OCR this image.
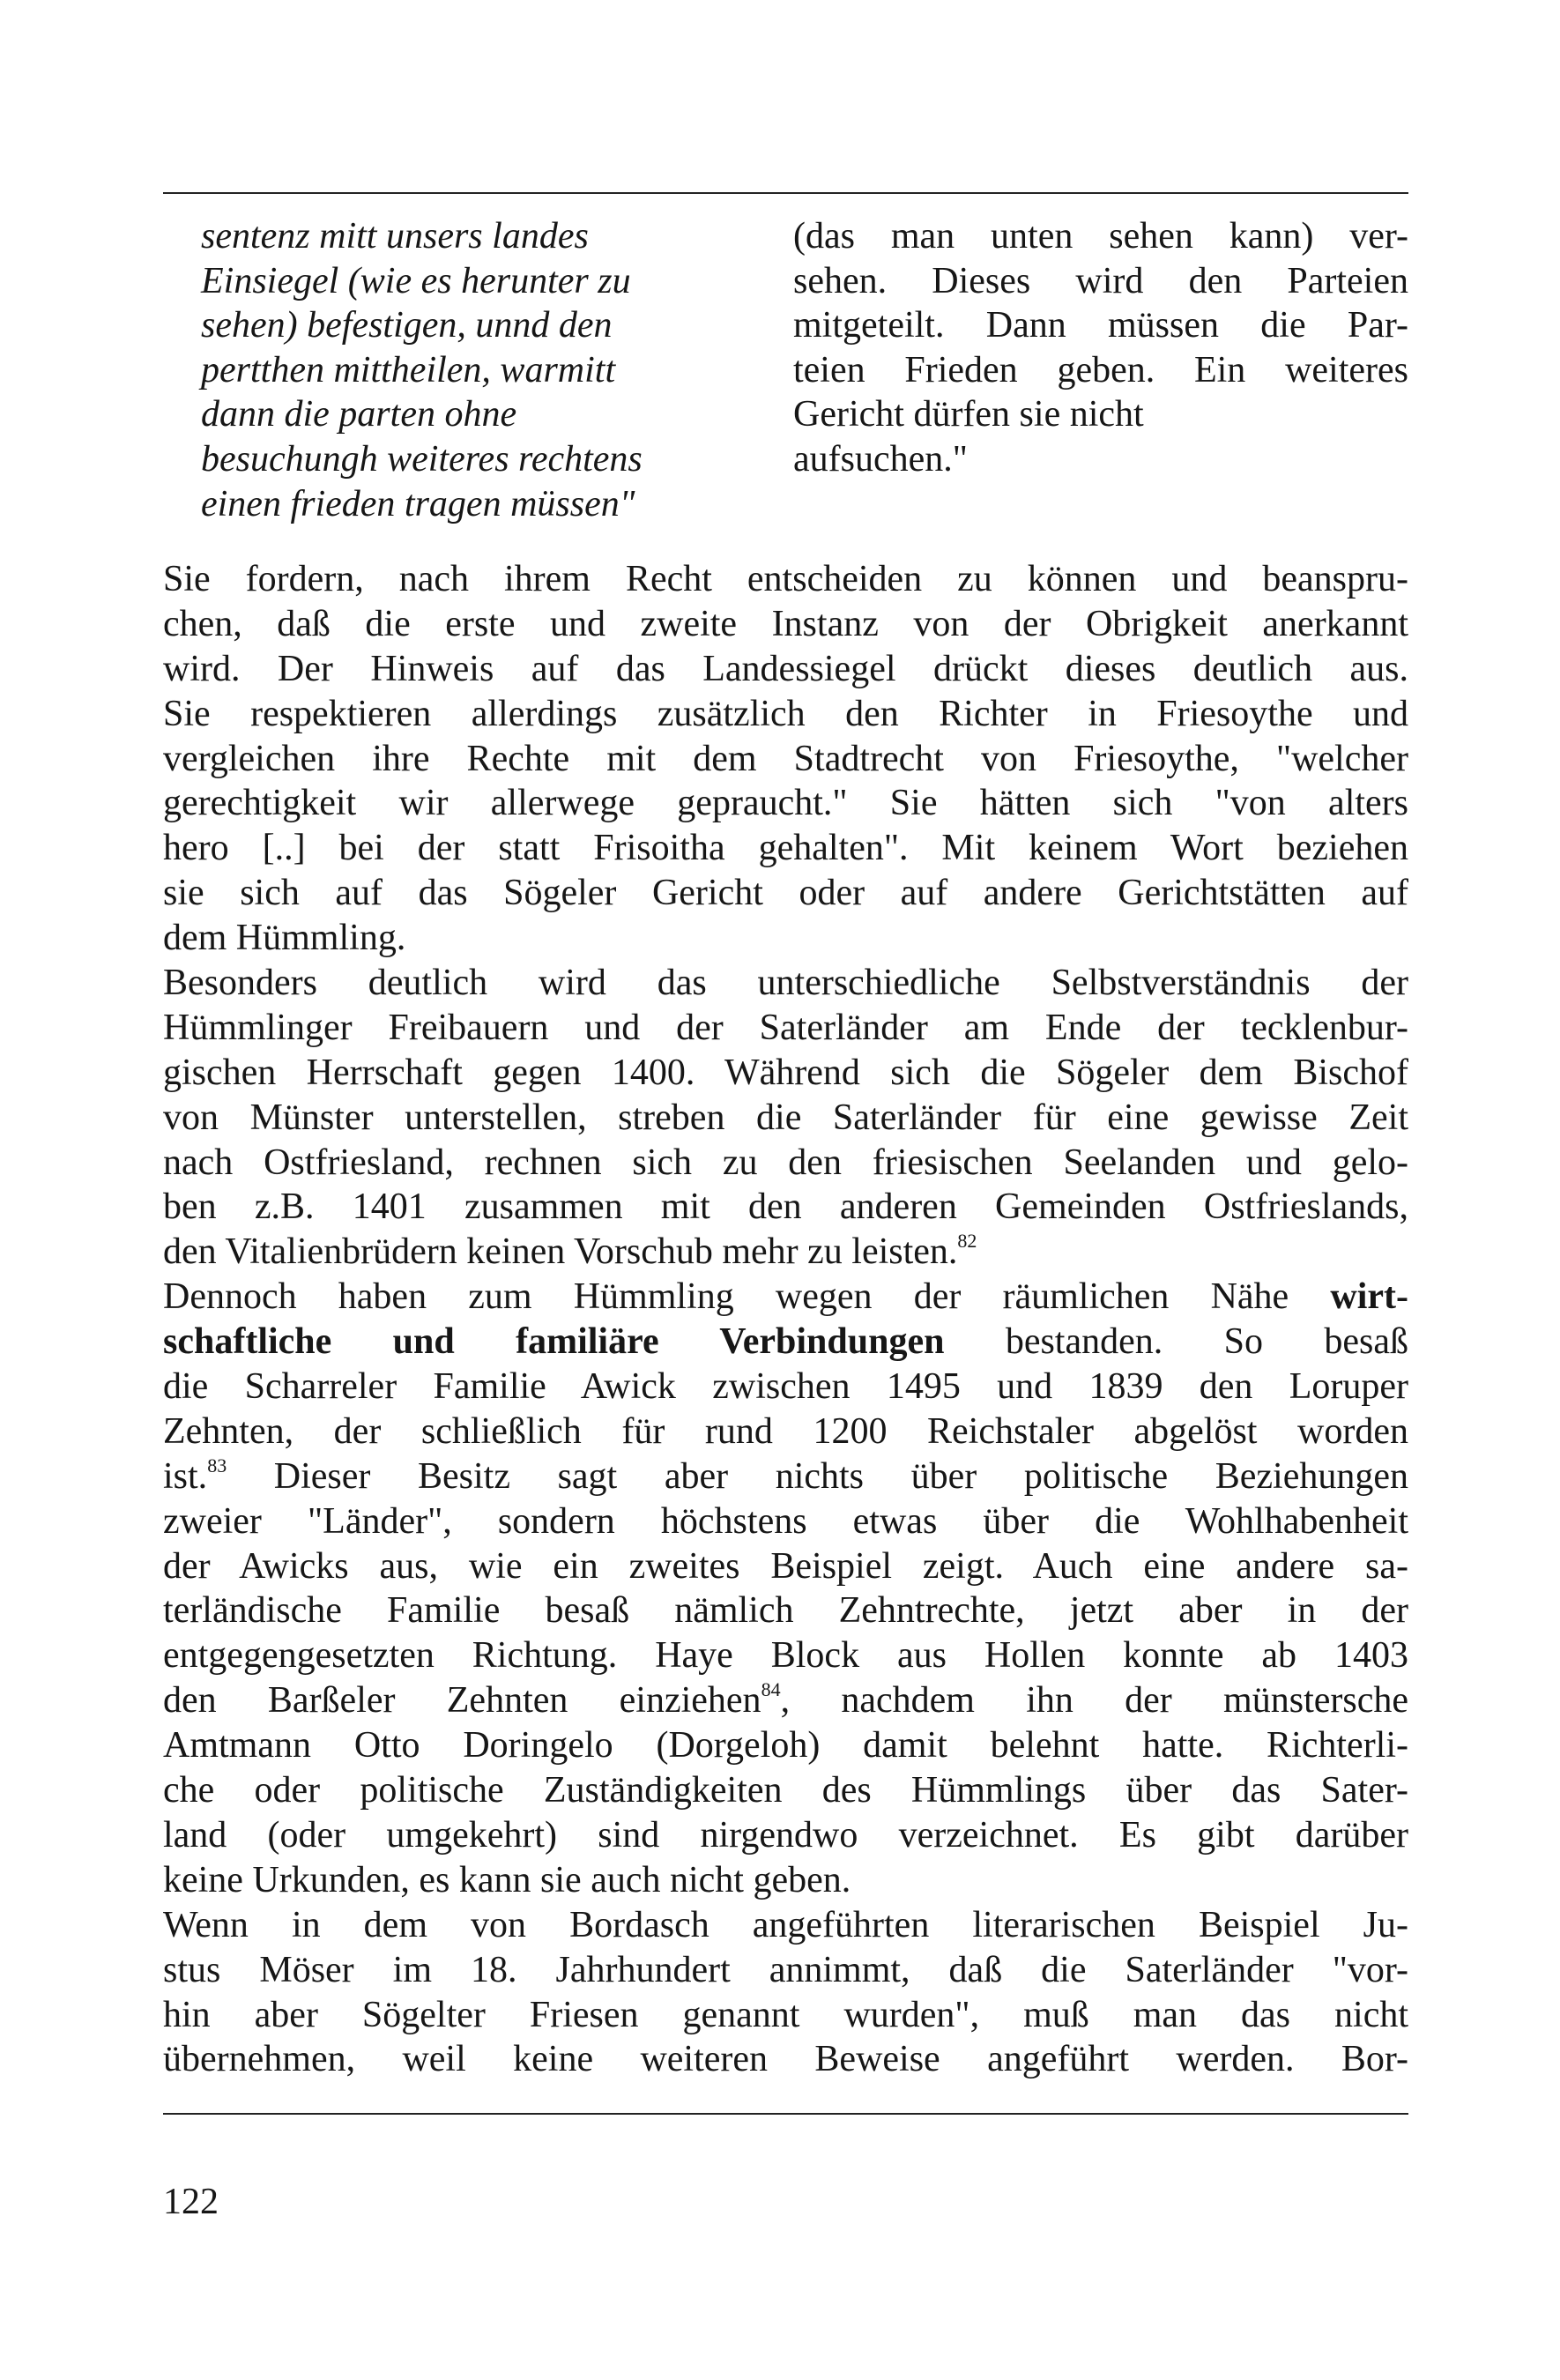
sentenz mitt unsers landes
Einsiegel (wie es herunter zu
sehen) befestigen, unnd den
pertthen mittheilen, warmitt
dann die parten ohne
besuchungh weiteres rechtens
einen frieden tragen müssen"
(das man unten sehen kann) ver-
sehen. Dieses wird den Parteien
mitgeteilt. Dann müssen die Par-
teien Frieden geben. Ein weiteres
Gericht dürfen sie nicht
aufsuchen."
Sie fordern, nach ihrem Recht entscheiden zu können und beanspru-
chen, daß die erste und zweite Instanz von der Obrigkeit anerkannt
wird. Der Hinweis auf das Landessiegel drückt dieses deutlich aus.
Sie respektieren allerdings zusätzlich den Richter in Friesoythe und
vergleichen ihre Rechte mit dem Stadtrecht von Friesoythe, "welcher
gerechtigkeit wir allerwege gepraucht." Sie hätten sich "von alters
hero [..] bei der statt Frisoitha gehalten". Mit keinem Wort beziehen
sie sich auf das Sögeler Gericht oder auf andere Gerichtstätten auf
dem Hümmling.
Besonders deutlich wird das unterschiedliche Selbstverständnis der
Hümmlinger Freibauern und der Saterländer am Ende der tecklenbur-
gischen Herrschaft gegen 1400. Während sich die Sögeler dem Bischof
von Münster unterstellen, streben die Saterländer für eine gewisse Zeit
nach Ostfriesland, rechnen sich zu den friesischen Seelanden und gelo-
ben z.B. 1401 zusammen mit den anderen Gemeinden Ostfrieslands,
den Vitalienbrüdern keinen Vorschub mehr zu leisten.$^{82}$
Dennoch haben zum Hümmling wegen der räumlichen Nähe wirt-
schaftliche und familiäre Verbindungen bestanden. So besaß
die Scharreler Familie Awick zwischen 1495 und 1839 den Loruper
Zehnten, der schließlich für rund 1200 Reichstaler abgelöst worden
ist.$^{83}$ Dieser Besitz sagt aber nichts über politische Beziehungen
zweier "Länder", sondern höchstens etwas über die Wohlhabenheit
der Awicks aus, wie ein zweites Beispiel zeigt. Auch eine andere sa-
terländische Familie besaß nämlich Zehntrechte, jetzt aber in der
entgegengesetzten Richtung. Haye Block aus Hollen konnte ab 1403
den Barßeler Zehnten einziehen$^{84}$, nachdem ihn der münstersche
Amtmann Otto Doringelo (Dorgeloh) damit belehnt hatte. Richterli-
che oder politische Zuständigkeiten des Hümmlings über das Sater-
land (oder umgekehrt) sind nirgendwo verzeichnet. Es gibt darüber
keine Urkunden, es kann sie auch nicht geben.
Wenn in dem von Bordasch angeführten literarischen Beispiel Ju-
stus Möser im 18. Jahrhundert annimmt, daß die Saterländer "vor-
hin aber Sögelter Friesen genannt wurden", muß man das nicht
übernehmen, weil keine weiteren Beweise angeführt werden. Bor-
122
